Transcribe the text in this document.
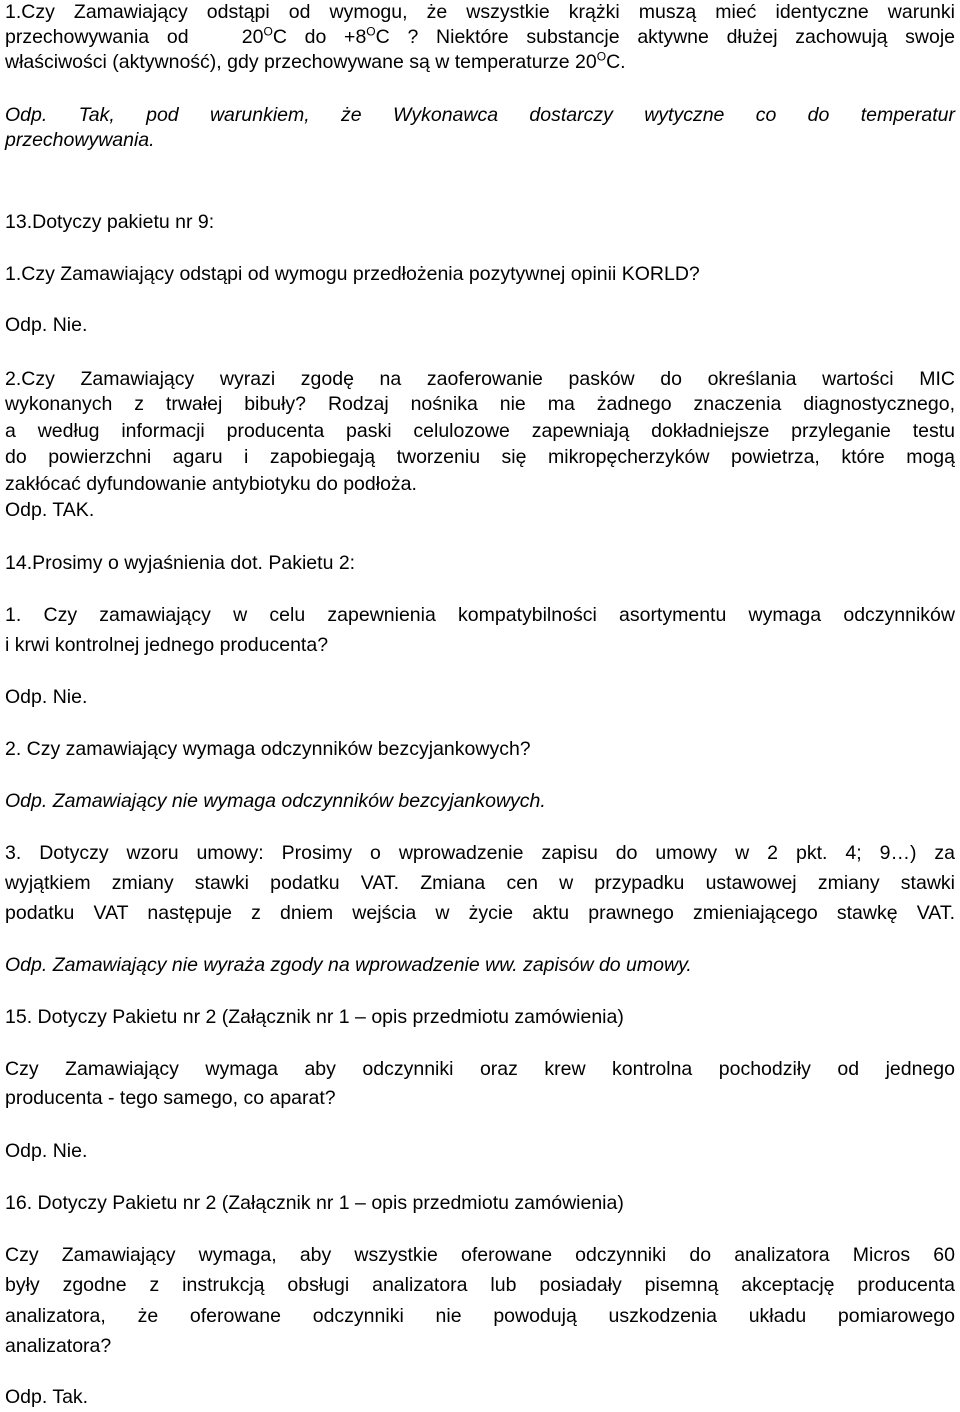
1.Czy Zamawiający odstąpi od wymogu, że wszystkie krążki muszą mieć identyczne warunki
przechowywania od   $20^OC$ do $+8^OC$ ? Niektóre substancje aktywne dłużej zachowują swoje
właściwości (aktywność), gdy przechowywane są w temperaturze $20^OC$.
Odp. Tak, pod warunkiem, że Wykonawca dostarczy wytyczne co do temperatur
przechowywania.
13.Dotyczy pakietu nr 9:
1.Czy Zamawiający odstąpi od wymogu przedłożenia pozytywnej opinii KORLD?
Odp. Nie.
2.Czy Zamawiający wyrazi zgodę na zaoferowanie pasków do określania wartości MIC
wykonanych z trwałej bibuły? Rodzaj nośnika nie ma żadnego znaczenia diagnostycznego,
a według informacji producenta paski celulozowe zapewniają dokładniejsze przyleganie testu
do powierzchni agaru i zapobiegają tworzeniu się mikropęcherzyków powietrza, które mogą
zakłócać dyfundowanie antybiotyku do podłoża.
Odp. TAK.
14.Prosimy o wyjaśnienia dot. Pakietu 2:
1. Czy zamawiający w celu zapewnienia kompatybilności asortymentu wymaga odczynników
i krwi kontrolnej jednego producenta?
Odp. Nie.
2. Czy zamawiający wymaga odczynników bezcyjankowych?
Odp. Zamawiający nie wymaga odczynników bezcyjankowych.
3. Dotyczy wzoru umowy: Prosimy o wprowadzenie zapisu do umowy w 2 pkt. 4; 9…) za
wyjątkiem zmiany stawki podatku VAT. Zmiana cen w przypadku ustawowej zmiany stawki
podatku VAT następuje z dniem wejścia w życie aktu prawnego zmieniającego stawkę VAT.
Odp. Zamawiający nie wyraża zgody na wprowadzenie ww. zapisów do umowy.
15. Dotyczy Pakietu nr 2 (Załącznik nr 1 – opis przedmiotu zamówienia)
Czy Zamawiający wymaga aby odczynniki oraz krew kontrolna pochodziły od jednego
producenta - tego samego, co aparat?
Odp. Nie.
16. Dotyczy Pakietu nr 2 (Załącznik nr 1 – opis przedmiotu zamówienia)
Czy Zamawiający wymaga, aby wszystkie oferowane odczynniki do analizatora Micros 60
były zgodne z instrukcją obsługi analizatora lub posiadały pisemną akceptację producenta
analizatora, że oferowane odczynniki nie powodują uszkodzenia układu pomiarowego
analizatora?
Odp. Tak.
